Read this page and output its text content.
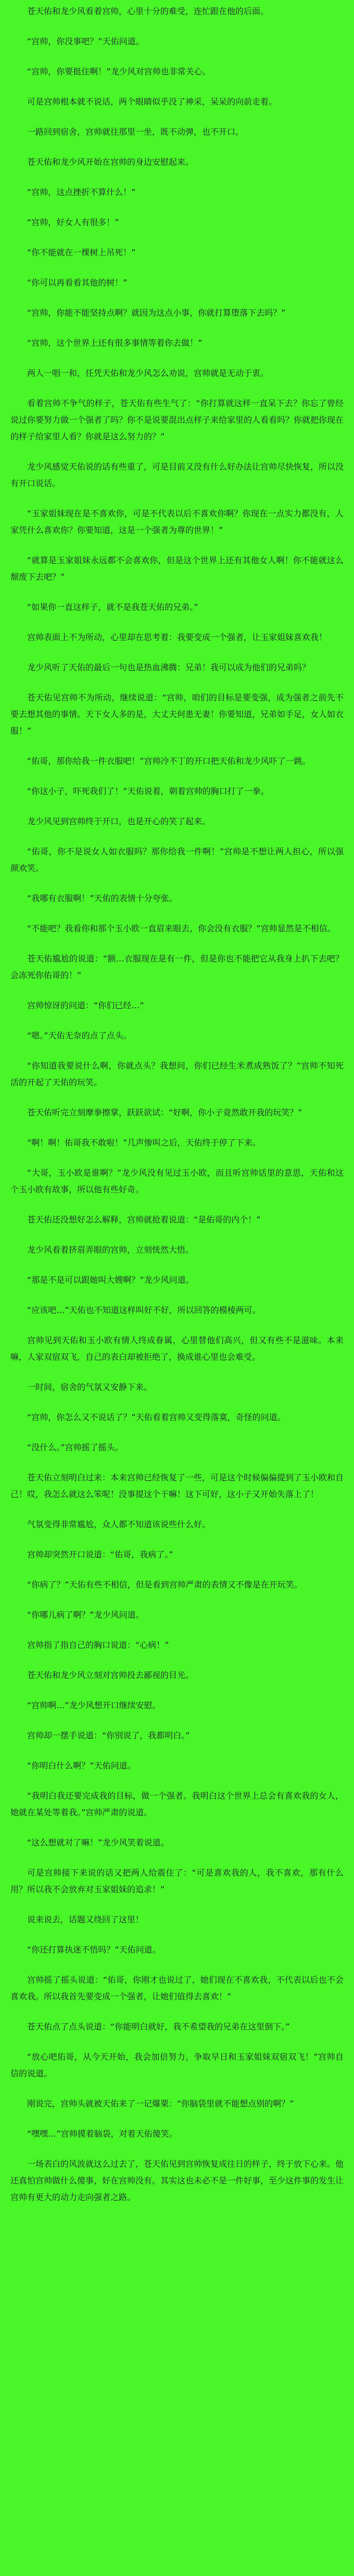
苍天佑和龙少风看着宫帅，心里十分的难受，连忙跟在他的后面。

“宫帅，你没事吧？”天佑问道。

“宫帅，你要挺住啊！”龙少风对宫帅也非常关心。

可是宫帅根本就不说话，两个眼睛似乎没了神采，呆呆的向前走着。

一路回到宿舍，宫帅就往那里一坐，既不动弹，也不开口。

苍天佑和龙少风开始在宫帅的身边安慰起来。

“宫帅，这点挫折不算什么！”

“宫帅，好女人有很多！”

“你不能就在一棵树上吊死！”

“你可以再看看其他的树！”

“宫帅，你能不能坚持点啊？就因为这点小事，你就打算堕落下去吗？”

“宫帅，这个世界上还有很多事情等着你去做！”

两人一唱一和，任凭天佑和龙少风怎么劝说，宫帅就是无动于衷。

看着宫帅不争气的样子，苍天佑有些生气了：“你打算就这样一直呆下去？你忘了曾经说过你要努力做一个强者了吗？你不是说要混出点样子来给家里的人看看吗？你就把你现在的样子给家里人看？你就是这么努力的？”

龙少风感觉天佑说的话有些重了，可是目前又没有什么好办法让宫帅尽快恢复，所以没有开口说话。

“玉家姐妹现在是不喜欢你，可是不代表以后不喜欢你啊？你现在一点实力都没有，人家凭什么喜欢你？你要知道，这是一个强者为尊的世界！”

“就算是玉家姐妹永远都不会喜欢你，但是这个世界上还有其他女人啊！你不能就这么颓废下去吧？”

“如果你一直这样子，就不是我苍天佑的兄弟。”

宫帅表面上不为所动，心里却在思考着：我要变成一个强者，让玉家姐妹喜欢我！

龙少风听了天佑的最后一句也是热血沸腾：兄弟！我可以成为他们的兄弟吗？

苍天佑见宫帅不为所动，继续说道：“宫帅，咱们的目标是要变强，成为强者之前先不要去想其他的事情。天下女人多的是，大丈夫何患无妻！你要知道，兄弟如手足，女人如衣服！”

“佑哥，那你给我一件衣服吧！”宫帅冷不丁的开口把天佑和龙少风吓了一跳。

“你这小子，吓死我们了！”天佑说着，朝着宫帅的胸口打了一拳。

龙少风见到宫帅终于开口，也是开心的笑了起来。

“佑哥，你不是说女人如衣服吗？那你给我一件啊！”宫帅是不想让两人担心，所以强颜欢笑。

“我哪有衣服啊！”天佑的表情十分夸张。

“不能吧？我看你和那个玉小欧一直眉来眼去，你会没有衣服？”宫帅显然是不相信。

苍天佑尴尬的说道：“额…衣服现在是有一件，但是你也不能把它从我身上扒下去吧？会冻死你佑哥的！”

宫帅惊讶的问道：“你们已经…”

“嗯。”天佑无奈的点了点头。

“你知道我要说什么啊，你就点头？我想问，你们已经生米煮成熟饭了？”宫帅不知死活的开起了天佑的玩笑。

苍天佑听完立刻摩拳擦掌，跃跃欲试：“好啊，你小子竟然敢开我的玩笑？”

“啊！啊！佑哥我不敢啦！”几声惨叫之后，天佑终于停了下来。

“大哥，玉小欧是谁啊？”龙少风没有见过玉小欧，而且听宫帅话里的意思，天佑和这个玉小欧有故事，所以他有些好奇。

苍天佑还没想好怎么解释，宫帅就抢着说道：“是佑哥的内个！”

龙少风看着挤眉弄眼的宫帅，立刻恍然大悟。

“那是不是可以跟她叫大嫂啊？”龙少风问道。

“应该吧…”天佑也不知道这样叫好不好，所以回答的模棱两可。

宫帅见到天佑和玉小欧有情人终成眷属，心里替他们高兴，但又有些不是滋味。本来嘛，人家双宿双飞，自己的表白却被拒绝了，换成谁心里也会难受。

一时间，宿舍的气氛又安静下来。

“宫帅，你怎么又不说话了？”天佑看着宫帅又变得落寞，奇怪的问道。

“没什么。”宫帅摇了摇头。

苍天佑立刻明白过来：本来宫帅已经恢复了一些，可是这个时候偏偏提到了玉小欧和自己！哎，我怎么就这么笨呢！没事提这个干嘛！这下可好，这小子又开始失落上了！

气氛变得非常尴尬，众人都不知道该说些什么好。

宫帅却突然开口说道：“佑哥，我病了。”

“你病了？”天佑有些不相信，但是看到宫帅严肃的表情又不像是在开玩笑。

“你哪儿病了啊？”龙少风问道。

宫帅指了指自己的胸口说道：“心病！”

苍天佑和龙少风立刻对宫帅投去鄙视的目光。

“宫帅啊…”龙少风想开口继续安慰。

宫帅却一摆手说道：“你别说了，我都明白。”

“你明白什么啊？”天佑问道。

“我明白我还要完成我的目标，做一个强者。我明白这个世界上总会有喜欢我的女人，她就在某处等着我。”宫帅严肃的说道。

“这么想就对了嘛！”龙少风笑着说道。

可是宫帅接下来说的话又把两人给震住了：“可是喜欢我的人，我不喜欢，那有什么用？所以我不会放弃对玉家姐妹的追求！”

说来说去，话题又绕回了这里！

“你还打算执迷不悟吗？”天佑问道。

宫帅摇了摇头说道：“佑哥，你刚才也说过了，她们现在不喜欢我，不代表以后也不会喜欢我。所以我首先要变成一个强者，让她们值得去喜欢！”

苍天佑点了点头说道：“你能明白就好，我不希望我的兄弟在这里倒下。”

“放心吧佑哥，从今天开始，我会加倍努力，争取早日和玉家姐妹双宿双飞！”宫帅自信的说道。

刚说完，宫帅头就被天佑来了一记爆栗：“你脑袋里就不能想点别的啊？”

“嘿嘿…”宫帅摸着脑袋，对着天佑傻笑。

一场表白的风波就这么过去了，苍天佑见到宫帅恢复成往日的样子，终于放下心来。他还真怕宫帅做什么傻事，好在宫帅没有。其实这也未必不是一件好事，至少这件事的发生让宫帅有更大的动力走向强者之路。
